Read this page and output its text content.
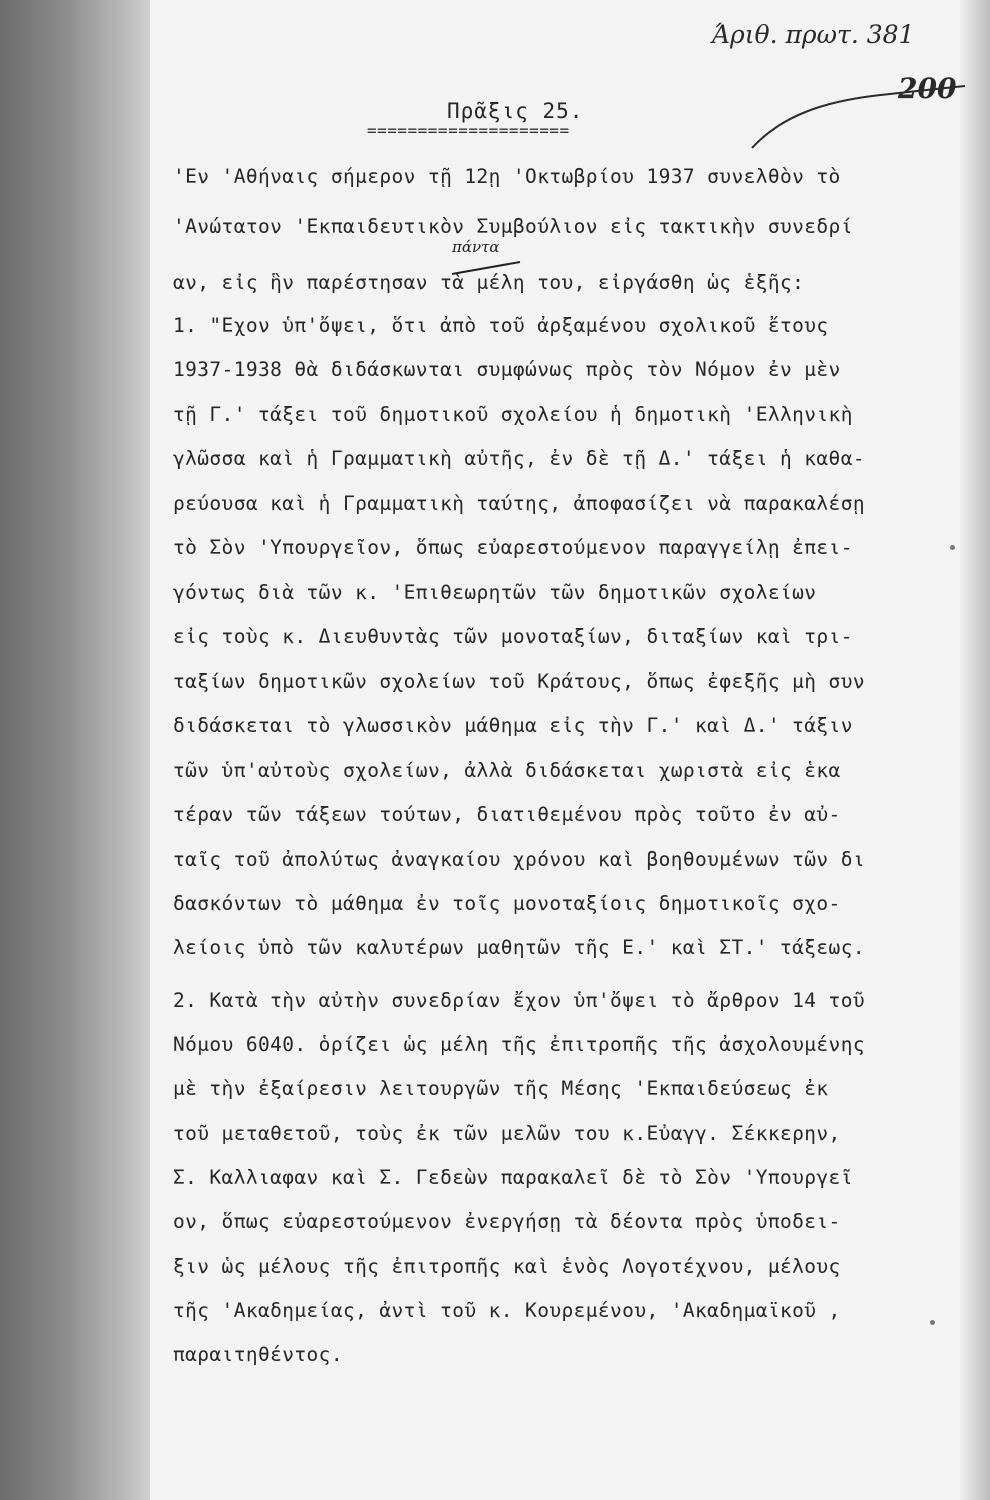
Άριθ. πρωτ. 381
200
Πρᾶξις 25.
====================
πάντα
'Εν 'Αθήναις σήμερον τῇ 12ῃ 'Οκτωβρίου 1937 συνελθὸν τὸ
'Ανώτατον 'Εκπαιδευτικὸν Συμβούλιον εἰς τακτικὴν συνεδρί
αν, εἰς ἣν παρέστησαν τὰ μέλη του, εἰργάσθη ὡς ἑξῆς:
1. "Εχον ὑπ'ὄψει, ὅτι ἀπὸ τοῦ ἀρξαμένου σχολικοῦ ἔτους
1937-1938 θὰ διδάσκωνται συμφώνως πρὸς τὸν Νόμον ἐν μὲν
τῇ Γ.' τάξει τοῦ δημοτικοῦ σχολείου ἡ δημοτικὴ 'Ελληνικὴ
γλῶσσα καὶ ἡ Γραμματικὴ αὐτῆς, ἐν δὲ τῇ Δ.' τάξει ἡ καθα-
ρεύουσα καὶ ἡ Γραμματικὴ ταύτης, ἀποφασίζει νὰ παρακαλέσῃ
τὸ Σὸν 'Υπουργεῖον, ὅπως εὐαρεστούμενον παραγγείλῃ ἐπει-
γόντως διὰ τῶν κ. 'Επιθεωρητῶν τῶν δημοτικῶν σχολείων
εἰς τοὺς κ. Διευθυντὰς τῶν μονοταξίων, διταξίων καὶ τρι-
ταξίων δημοτικῶν σχολείων τοῦ Κράτους, ὅπως ἐφεξῆς μὴ συν
διδάσκεται τὸ γλωσσικὸν μάθημα εἰς τὴν Γ.' καὶ Δ.' τάξιν
τῶν ὑπ'αὐτοὺς σχολείων, ἀλλὰ διδάσκεται χωριστὰ εἰς ἑκα
τέραν τῶν τάξεων τούτων, διατιθεμένου πρὸς τοῦτο ἐν αὐ-
ταῖς τοῦ ἀπολύτως ἀναγκαίου χρόνου καὶ βοηθουμένων τῶν δι
δασκόντων τὸ μάθημα ἐν τοῖς μονοταξίοις δημοτικοῖς σχο-
λείοις ὑπὸ τῶν καλυτέρων μαθητῶν τῆς Ε.' καὶ ΣΤ.' τάξεως.
2. Κατὰ τὴν αὐτὴν συνεδρίαν ἔχον ὑπ'ὄψει τὸ ἄρθρον 14 τοῦ
Νόμου 6040. ὁρίζει ὡς μέλη τῆς ἐπιτροπῆς τῆς ἀσχολουμένης
μὲ τὴν ἐξαίρεσιν λειτουργῶν τῆς Μέσης 'Εκπαιδεύσεως ἐκ
τοῦ μεταθετοῦ, τοὺς ἐκ τῶν μελῶν του κ.Εὐαγγ. Σέκκερην,
Σ. Καλλιαφαν καὶ Σ. Γεδεὼν παρακαλεῖ δὲ τὸ Σὸν 'Υπουργεῖ
ον, ὅπως εὐαρεστούμενον ἐνεργήσῃ τὰ δέοντα πρὸς ὑποδει-
ξιν ὡς μέλους τῆς ἐπιτροπῆς καὶ ἑνὸς Λογοτέχνου, μέλους
τῆς 'Ακαδημείας, ἀντὶ τοῦ κ. Κουρεμένου, 'Ακαδημαϊκοῦ ,
παραιτηθέντος.
